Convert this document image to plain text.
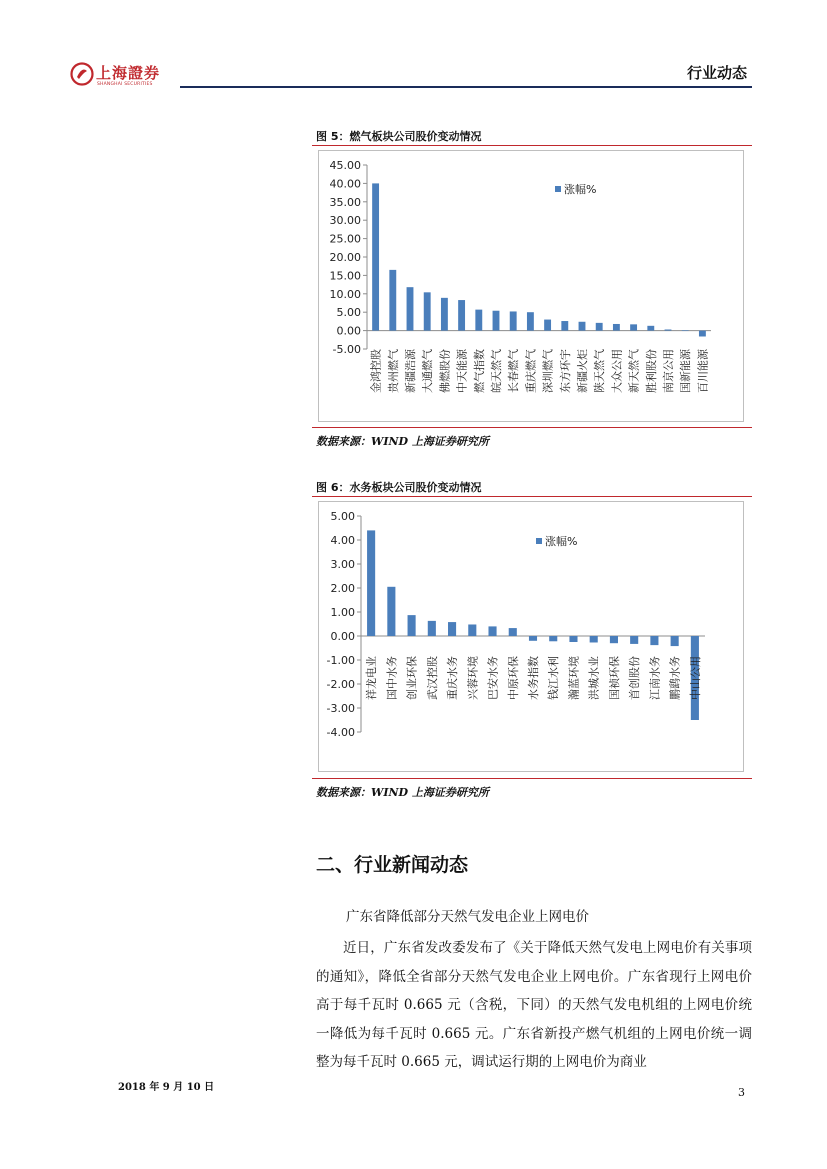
上海證券
SHANGHAI SECURITIES
行业动态
图 5：燃气板块公司股价变动情况
45.00
40.00
35.00
30.00
25.00
20.00
15.00
10.00
5.00
0.00
-5.00 金鸿控股 贵州燃气 新疆浩源 大通燃气 佛燃股份 中天能源 燃气指数 皖天然气 长春燃气 重庆燃气 深圳燃气 东方环宇 新疆火炬 陕天然气 大众公用 新天然气 胜利股份 南京公用 国新能源 百川能源
涨幅%
数据来源：WIND 上海证券研究所
图 6：水务板块公司股价变动情况
5.00
4.00
3.00
2.00
1.00
0.00
-1.00
-2.00
-3.00
-4.00
祥龙电业 国中水务 创业环保 武汉控股 重庆水务 兴蓉环境 巴安水务 中原环保 水务指数 钱江水利 瀚蓝环境 洪城水业 国祯环保 首创股份 江南水务 鹏鹞水务 中山公用
涨幅%
数据来源：WIND 上海证券研究所
二、行业新闻动态
广东省降低部分天然气发电企业上网电价

近日，广东省发改委发布了《关于降低天然气发电上网电价有关事项的通知》，降低全省部分天然气发电企业上网电价。广东省现行上网电价高于每千瓦时 0.665 元（含税，下同）的天然气发电机组的上网电价统一降低为每千瓦时 0.665 元。广东省新投产燃气机组的上网电价统一调整为每千瓦时 0.665 元，调试运行期的上网电价为商业

2018 年 9 月 10 日	3
